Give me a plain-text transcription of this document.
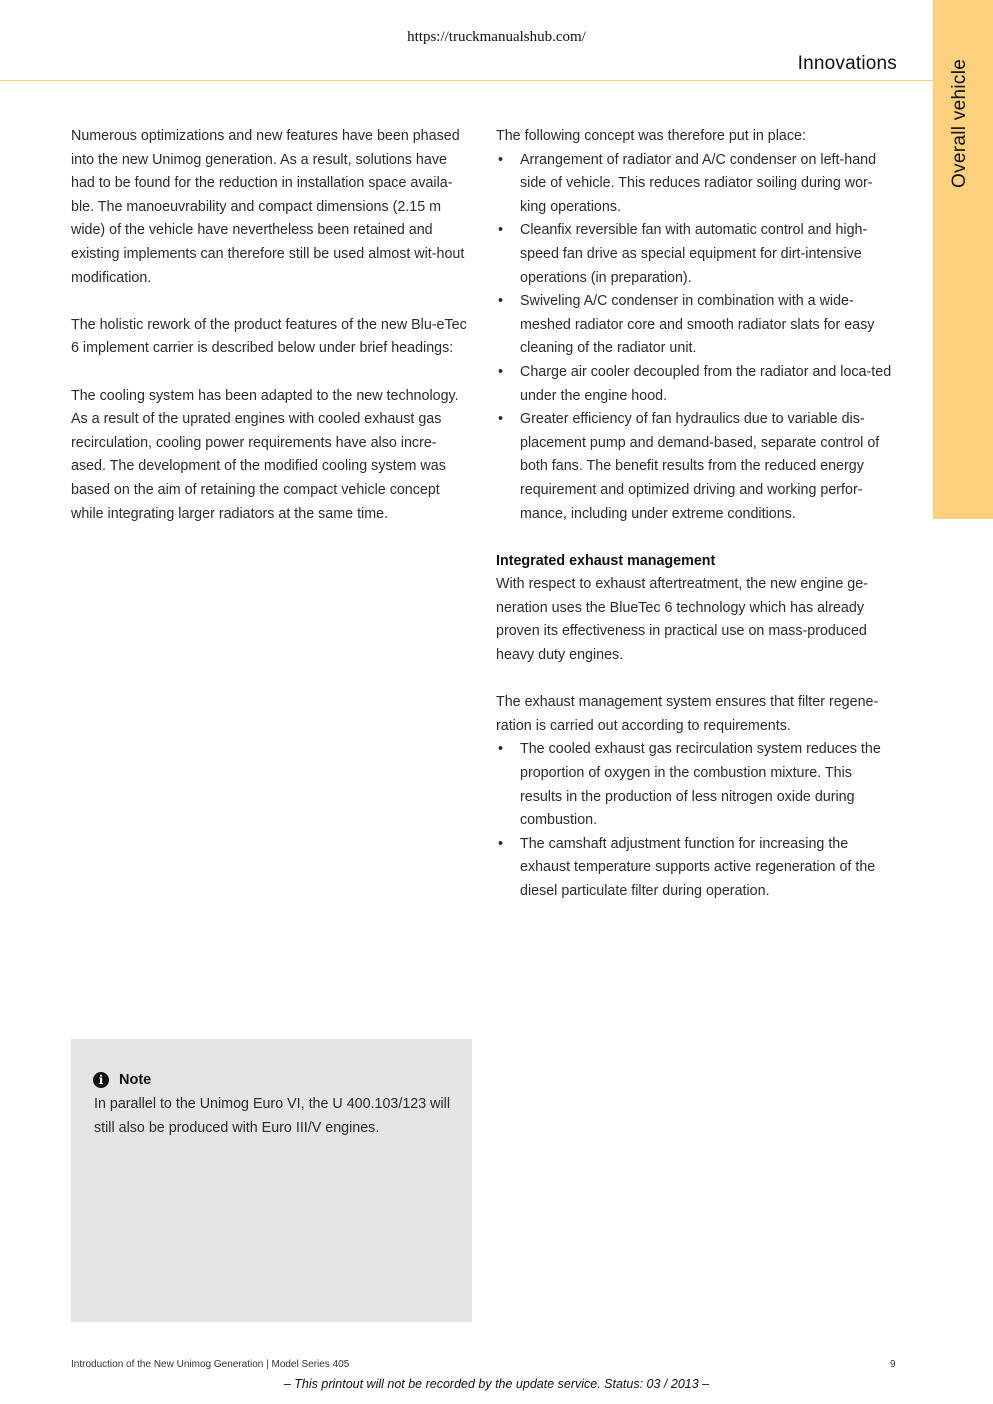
https://truckmanualshub.com/
Innovations	Overall vehicle

Numerous optimizations and new features have been phased into the new Unimog generation. As a result, solutions have had to be found for the reduction in installation space availa-ble. The manoeuvrability and compact dimensions (2.15 m wide) of the vehicle have nevertheless been retained and existing implements can therefore still be used almost wit-hout modification.

The holistic rework of the product features of the new Blu-eTec 6 implement carrier is described below under brief headings:

The cooling system has been adapted to the new technology. As a result of the uprated engines with cooled exhaust gas recirculation, cooling power requirements have also incre-ased. The development of the modified cooling system was based on the aim of retaining the compact vehicle concept while integrating larger radiators at the same time.

The following concept was therefore put in place:

• Arrangement of radiator and A/C condenser on left-hand side of vehicle. This reduces radiator soiling during wor-king operations.
• Cleanfix reversible fan with automatic control and high-speed fan drive as special equipment for dirt-intensive operations (in preparation).
• Swiveling A/C condenser in combination with a wide-meshed radiator core and smooth radiator slats for easy cleaning of the radiator unit.
• Charge air cooler decoupled from the radiator and loca-ted under the engine hood.
• Greater efficiency of fan hydraulics due to variable dis-placement pump and demand-based, separate control of both fans. The benefit results from the reduced energy requirement and optimized driving and working perfor-mance, including under extreme conditions.

Integrated exhaust management

With respect to exhaust aftertreatment, the new engine ge-neration uses the BlueTec 6 technology which has already proven its effectiveness in practical use on mass-produced heavy duty engines.

The exhaust management system ensures that filter regene-ration is carried out according to requirements.

• The cooled exhaust gas recirculation system reduces the proportion of oxygen in the combustion mixture. This results in the production of less nitrogen oxide during combustion.
• The camshaft adjustment function for increasing the exhaust temperature supports active regeneration of the diesel particulate filter during operation.
i	Note
In parallel to the Unimog Euro VI, the U 400.103/123 will still also be produced with Euro III/V engines.
Introduction of the New Unimog Generation | Model Series 405	9
– This printout will not be recorded by the update service. Status: 03 / 2013 –
